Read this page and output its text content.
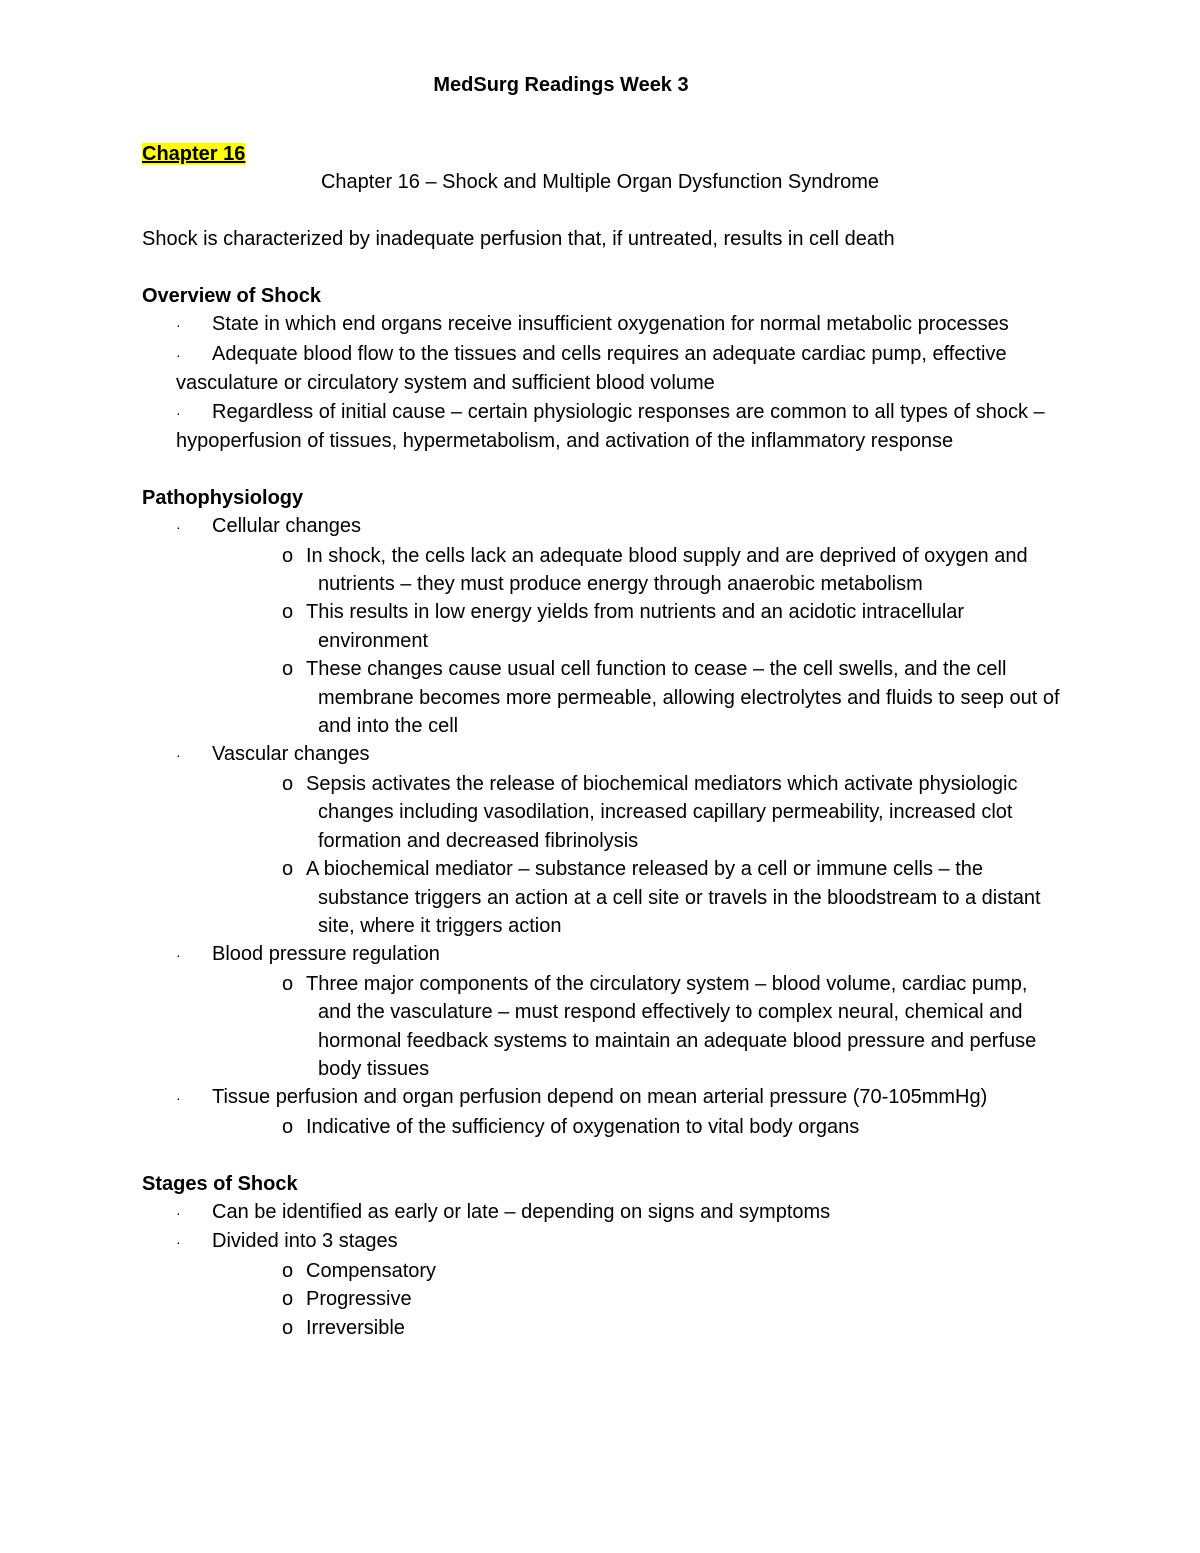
MedSurg Readings Week 3
Chapter 16
Chapter 16 – Shock and Multiple Organ Dysfunction Syndrome
Shock is characterized by inadequate perfusion that, if untreated, results in cell death
Overview of Shock
· State in which end organs receive insufficient oxygenation for normal metabolic processes
· Adequate blood flow to the tissues and cells requires an adequate cardiac pump, effective vasculature or circulatory system and sufficient blood volume
· Regardless of initial cause – certain physiologic responses are common to all types of shock – hypoperfusion of tissues, hypermetabolism, and activation of the inflammatory response
Pathophysiology
· Cellular changes
o In shock, the cells lack an adequate blood supply and are deprived of oxygen and nutrients – they must produce energy through anaerobic metabolism
o This results in low energy yields from nutrients and an acidotic intracellular environment
o These changes cause usual cell function to cease – the cell swells, and the cell membrane becomes more permeable, allowing electrolytes and fluids to seep out of and into the cell
· Vascular changes
o Sepsis activates the release of biochemical mediators which activate physiologic changes including vasodilation, increased capillary permeability, increased clot formation and decreased fibrinolysis
o A biochemical mediator – substance released by a cell or immune cells – the substance triggers an action at a cell site or travels in the bloodstream to a distant site, where it triggers action
· Blood pressure regulation
o Three major components of the circulatory system – blood volume, cardiac pump, and the vasculature – must respond effectively to complex neural, chemical and hormonal feedback systems to maintain an adequate blood pressure and perfuse body tissues
· Tissue perfusion and organ perfusion depend on mean arterial pressure (70-105mmHg)
o Indicative of the sufficiency of oxygenation to vital body organs
Stages of Shock
· Can be identified as early or late – depending on signs and symptoms
· Divided into 3 stages
o Compensatory
o Progressive
o Irreversible
